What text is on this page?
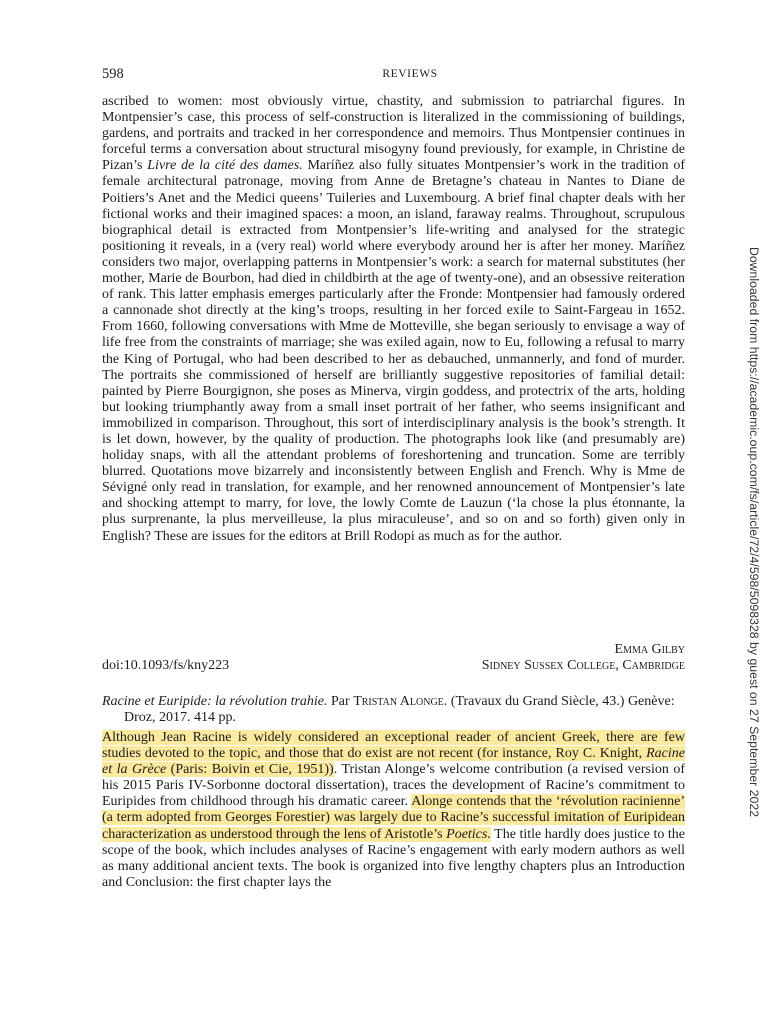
598	REVIEWS
ascribed to women: most obviously virtue, chastity, and submission to patriarchal figures. In Montpensier’s case, this process of self-construction is literalized in the commissioning of buildings, gardens, and portraits and tracked in her correspondence and memoirs. Thus Montpensier continues in forceful terms a conversation about structural misogyny found previously, for example, in Christine de Pizan’s Livre de la cité des dames. Maríñez also fully situates Montpensier’s work in the tradition of female architectural patronage, moving from Anne de Bretagne’s chateau in Nantes to Diane de Poitiers’s Anet and the Medici queens’ Tuileries and Luxembourg. A brief final chapter deals with her fictional works and their imagined spaces: a moon, an island, faraway realms. Throughout, scrupulous biographical detail is extracted from Montpensier’s life-writing and analysed for the strategic positioning it reveals, in a (very real) world where everybody around her is after her money. Maríñez considers two major, overlapping patterns in Montpensier’s work: a search for maternal substitutes (her mother, Marie de Bourbon, had died in childbirth at the age of twenty-one), and an obsessive reiteration of rank. This latter emphasis emerges particularly after the Fronde: Montpensier had famously ordered a cannonade shot directly at the king’s troops, resulting in her forced exile to Saint-Fargeau in 1652. From 1660, following conversations with Mme de Motteville, she began seriously to envisage a way of life free from the constraints of marriage; she was exiled again, now to Eu, following a refusal to marry the King of Portugal, who had been described to her as debauched, unmannerly, and fond of murder. The portraits she commissioned of herself are brilliantly suggestive repositories of familial detail: painted by Pierre Bourgignon, she poses as Minerva, virgin goddess, and protectrix of the arts, holding but looking triumphantly away from a small inset portrait of her father, who seems insignificant and immobilized in comparison. Throughout, this sort of interdisciplinary analysis is the book’s strength. It is let down, however, by the quality of production. The photographs look like (and presumably are) holiday snaps, with all the attendant problems of foreshortening and truncation. Some are terribly blurred. Quotations move bizarrely and inconsistently between English and French. Why is Mme de Sévigné only read in translation, for example, and her renowned announcement of Montpensier’s late and shocking attempt to marry, for love, the lowly Comte de Lauzun (‘la chose la plus étonnante, la plus surprenante, la plus merveilleuse, la plus miraculeuse’, and so on and so forth) given only in English? These are issues for the editors at Brill Rodopi as much as for the author.
Emma Gilby
doi:10.1093/fs/kny223	Sidney Sussex College, Cambridge
Racine et Euripide: la révolution trahie. Par Tristan Alonge. (Travaux du Grand Siècle, 43.) Genève: Droz, 2017. 414 pp.
Although Jean Racine is widely considered an exceptional reader of ancient Greek, there are few studies devoted to the topic, and those that do exist are not recent (for instance, Roy C. Knight, Racine et la Grèce (Paris: Boivin et Cie, 1951)). Tristan Alonge’s welcome contribution (a revised version of his 2015 Paris IV-Sorbonne doctoral dissertation), traces the development of Racine’s commitment to Euripides from childhood through his dramatic career. Alonge contends that the ‘révolution racinienne’ (a term adopted from Georges Forestier) was largely due to Racine’s successful imitation of Euripidean characterization as understood through the lens of Aristotle’s Poetics. The title hardly does justice to the scope of the book, which includes analyses of Racine’s engagement with early modern authors as well as many additional ancient texts. The book is organized into five lengthy chapters plus an Introduction and Conclusion: the first chapter lays the
Downloaded from https://academic.oup.com/fs/article/72/4/598/5098328 by guest on 27 September 2022
